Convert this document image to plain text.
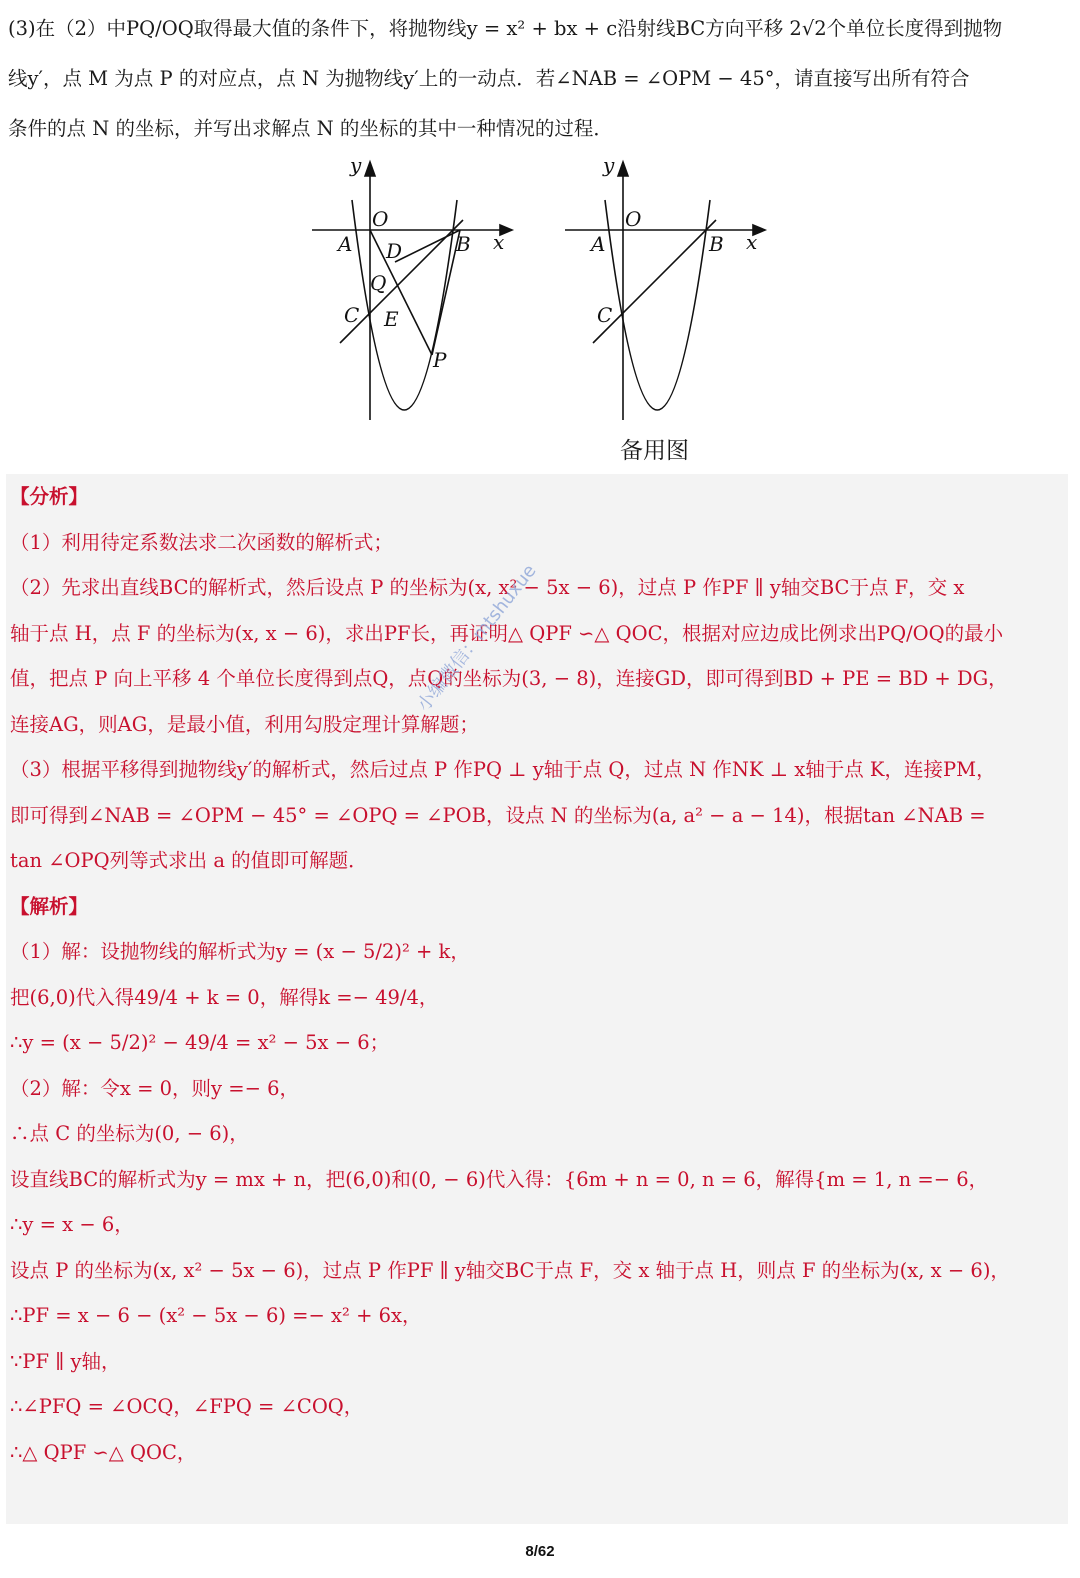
(3)在（2）中PQ/OQ取得最大值的条件下，将抛物线y = x² + bx + c沿射线BC方向平移 2√2个单位长度得到抛物

线y′，点 M 为点 P 的对应点，点 N 为抛物线y′上的一动点．若∠NAB = ∠OPM − 45°，请直接写出所有符合

条件的点 N 的坐标，并写出求解点 N 的坐标的其中一种情况的过程．

y
x
O
A	B
C
D
Q
E
P
y
x
O
A	B
C
备用图

【分析】

（1）利用待定系数法求二次函数的解析式；

（2）先求出直线BC的解析式，然后设点 P 的坐标为(x, x² − 5x − 6)，过点 P 作PF ∥ y轴交BC于点 F，交 x

轴于点 H，点 F 的坐标为(x, x − 6)，求出PF长，再证明△ QPF ∽△ QOC，根据对应边成比例求出PQ/OQ的最小

值，把点 P 向上平移 4 个单位长度得到点Q，点Q的坐标为(3, − 8)，连接GD，即可得到BD + PE = BD + DG，

连接AG，则AG，是最小值，利用勾股定理计算解题；

（3）根据平移得到抛物线y′的解析式，然后过点 P 作PQ ⊥ y轴于点 Q，过点 N 作NK ⊥ x轴于点 K，连接PM，

即可得到∠NAB = ∠OPM − 45° = ∠OPQ = ∠POB，设点 N 的坐标为(a, a² − a − 14)，根据tan ∠NAB =

tan ∠OPQ列等式求出 a 的值即可解题．

【解析】

（1）解：设抛物线的解析式为y = (x − 5/2)² + k，

把(6,0)代入得49/4 + k = 0，解得k =− 49/4，

∴y = (x − 5/2)² − 49/4 = x² − 5x − 6；

（2）解：令x = 0，则y =− 6，

∴点 C 的坐标为(0, − 6)，

设直线BC的解析式为y = mx + n，把(6,0)和(0, − 6)代入得：{6m + n = 0, n = 6，解得{m = 1, n =− 6，

∴y = x − 6，

设点 P 的坐标为(x, x² − 5x − 6)，过点 P 作PF ∥ y轴交BC于点 F，交 x 轴于点 H，则点 F 的坐标为(x, x − 6)，

∴PF = x − 6 − (x² − 5x − 6) =− x² + 6x，

∵PF ∥ y轴，

∴∠PFQ = ∠OCQ，∠FPQ = ∠COQ，

∴△ QPF ∽△ QOC，

小编微信：mtshuxue
8/62
